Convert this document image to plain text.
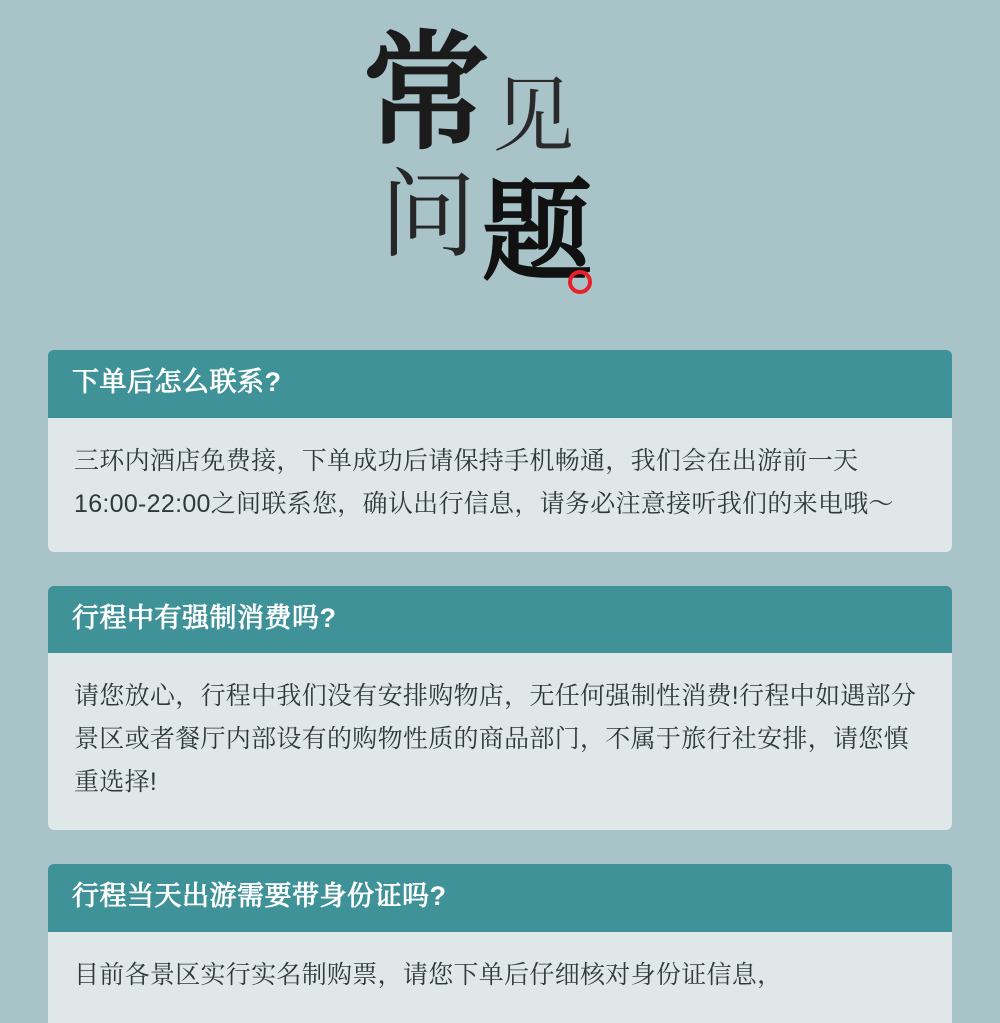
常 见
问 题
下单后怎么联系?
三环内酒店免费接，下单成功后请保持手机畅通，我们会在出游前一天16:00-22:00之间联系您，确认出行信息，请务必注意接听我们的来电哦～
行程中有强制消费吗?
请您放心，行程中我们没有安排购物店，无任何强制性消费!行程中如遇部分景区或者餐厅内部设有的购物性质的商品部门，不属于旅行社安排，请您慎重选择!
行程当天出游需要带身份证吗?
目前各景区实行实名制购票，请您下单后仔细核对身份证信息，
